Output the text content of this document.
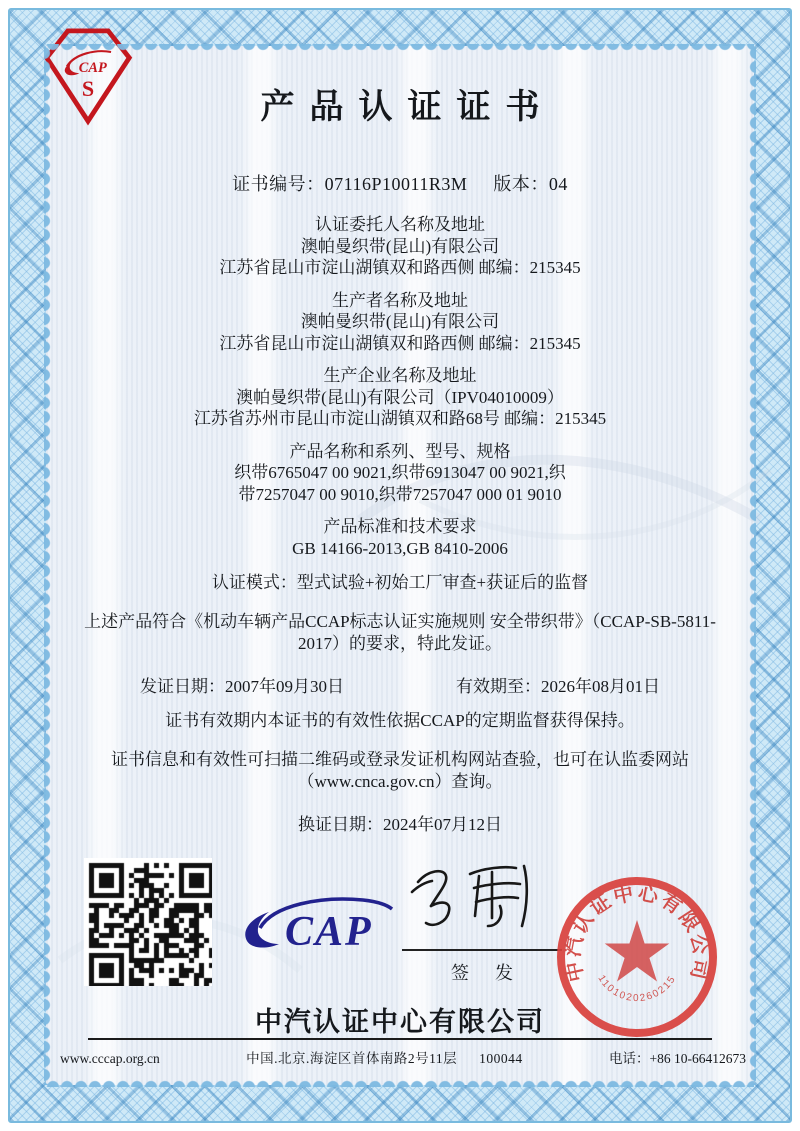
CAP
S
产品认证证书

证书编号：07116P10011R3M 版本：04

认证委托人名称及地址
澳帕曼织带(昆山)有限公司
江苏省昆山市淀山湖镇双和路西侧 邮编：215345
生产者名称及地址
澳帕曼织带(昆山)有限公司
江苏省昆山市淀山湖镇双和路西侧 邮编：215345
生产企业名称及地址
澳帕曼织带(昆山)有限公司（IPV04010009）
江苏省苏州市昆山市淀山湖镇双和路68号 邮编：215345
产品名称和系列、型号、规格
织带6765047 00 9021,织带6913047 00 9021,织
带7257047 00 9010,织带7257047 000 01 9010
产品标准和技术要求
GB 14166-2013,GB 8410-2006

认证模式：型式试验+初始工厂审查+获证后的监督

上述产品符合《机动车辆产品CCAP标志认证实施规则 安全带织带》（CCAP-SB-5811-2017）的要求，特此发证。

发证日期：2007年09月30日	有效期至：2026年08月01日

证书有效期内本证书的有效性依据CCAP的定期监督获得保持。

证书信息和有效性可扫描二维码或登录发证机构网站查验，也可在认监委网站（www.cnca.gov.cn）查询。

换证日期：2024年07月12日

CAP
签发	中汽认证中心有限公司
1101020260215
中汽认证中心有限公司
www.cccap.org.cn	中国.北京.海淀区首体南路2号11层 100044	电话：+86 10-66412673
